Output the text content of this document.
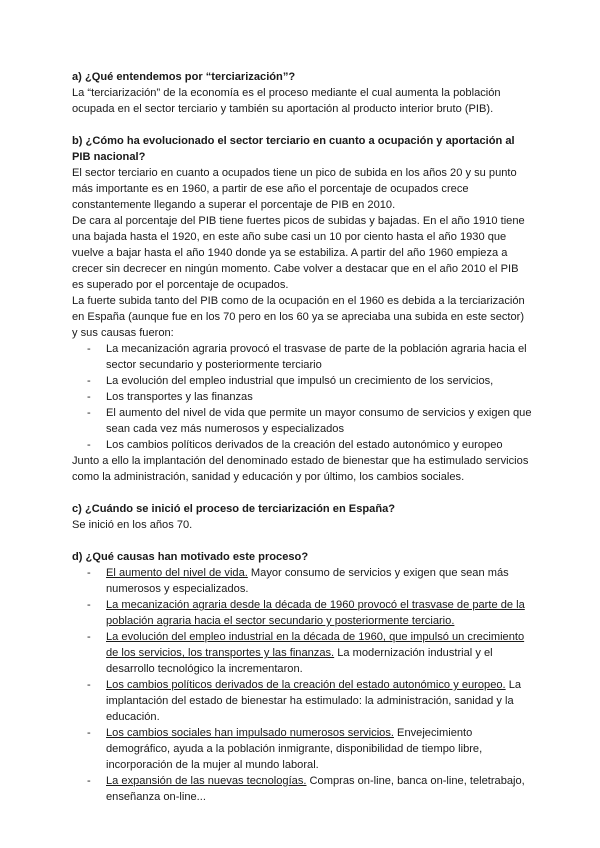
a) ¿Qué entendemos por “terciarización”?

La “terciarización” de la economía es el proceso mediante el cual aumenta la población ocupada en el sector terciario y también su aportación al producto interior bruto (PIB).

b) ¿Cómo ha evolucionado el sector terciario en cuanto a ocupación y aportación al PIB nacional?

El sector terciario en cuanto a ocupados tiene un pico de subida en los años 20 y su punto más importante es en 1960, a partir de ese año el porcentaje de ocupados crece constantemente llegando a superar el porcentaje de PIB en 2010.

De cara al porcentaje del PIB tiene fuertes picos de subidas y bajadas. En el año 1910 tiene una bajada hasta el 1920, en este año sube casi un 10 por ciento hasta el año 1930 que vuelve a bajar hasta el año 1940 donde ya se estabiliza. A partir del año 1960 empieza a crecer sin decrecer en ningún momento. Cabe volver a destacar que en el año 2010 el PIB es superado por el porcentaje de ocupados.

La fuerte subida tanto del PIB como de la ocupación en el 1960 es debida a la terciarización en España (aunque fue en los 70 pero en los 60 ya se apreciaba una subida en este sector) y sus causas fueron:

- La mecanización agraria provocó el trasvase de parte de la población agraria hacia el sector secundario y posteriormente terciario
- La evolución del empleo industrial que impulsó un crecimiento de los servicios,
- Los transportes y las finanzas
- El aumento del nivel de vida que permite un mayor consumo de servicios y exigen que sean cada vez más numerosos y especializados
- Los cambios políticos derivados de la creación del estado autonómico y europeo

Junto a ello la implantación del denominado estado de bienestar que ha estimulado servicios como la administración, sanidad y educación y por último, los cambios sociales.

c) ¿Cuándo se inició el proceso de terciarización en España?

Se inició en los años 70.

d) ¿Qué causas han motivado este proceso?

- El aumento del nivel de vida. Mayor consumo de servicios y exigen que sean más numerosos y especializados.
- La mecanización agraria desde la década de 1960 provocó el trasvase de parte de la población agraria hacia el sector secundario y posteriormente terciario.
- La evolución del empleo industrial en la década de 1960, que impulsó un crecimiento de los servicios, los transportes y las finanzas. La modernización industrial y el desarrollo tecnológico la incrementaron.
- Los cambios políticos derivados de la creación del estado autonómico y europeo. La implantación del estado de bienestar ha estimulado: la administración, sanidad y la educación.
- Los cambios sociales han impulsado numerosos servicios. Envejecimiento demográfico, ayuda a la población inmigrante, disponibilidad de tiempo libre, incorporación de la mujer al mundo laboral.
- La expansión de las nuevas tecnologías. Compras on-line, banca on-line, teletrabajo, enseñanza on-line...
